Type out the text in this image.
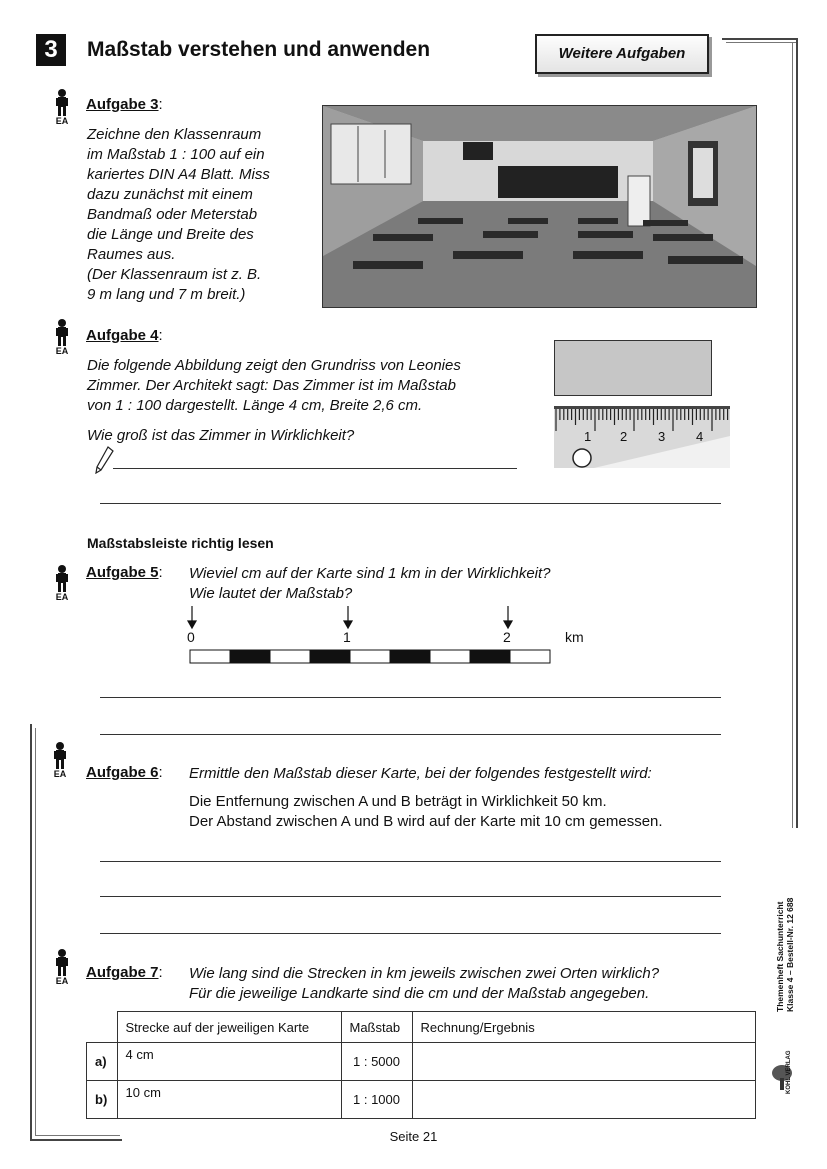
3	Maßstab verstehen und anwenden	Weitere Aufgaben
Aufgabe 3:
Zeichne den Klassenraum
im Maßstab 1 : 100 auf ein
kariertes DIN A4 Blatt. Miss
dazu zunächst mit einem
Bandmaß oder Meterstab
die Länge und Breite des
Raumes aus.
(Der Klassenraum ist z. B.
9 m lang und 7 m breit.)
Aufgabe 4:
Die folgende Abbildung zeigt den Grundriss von Leonies
Zimmer. Der Architekt sagt: Das Zimmer ist im Maßstab
von 1 : 100 dargestellt. Länge 4 cm, Breite 2,6 cm.
Wie groß ist das Zimmer in Wirklichkeit?	1 2 3 4
Maßstabsleiste richtig lesen
Aufgabe 5: Wieviel cm auf der Karte sind 1 km in der Wirklichkeit?
Wie lautet der Maßstab?
0	1	2	km
Aufgabe 6: Ermittle den Maßstab dieser Karte, bei der folgendes festgestellt wird:
Die Entfernung zwischen A und B beträgt in Wirklichkeit 50 km.
Der Abstand zwischen A und B wird auf der Karte mit 10 cm gemessen.
Aufgabe 7: Wie lang sind die Strecken in km jeweils zwischen zwei Orten wirklich?
Für die jeweilige Landkarte sind die cm und der Maßstab angegeben.
	Strecke auf der jeweiligen Karte	Maßstab	Rechnung/Ergebnis
a)	4 cm	1 : 5000	
b)	10 cm	1 : 1000	
Themenheft Sachunterricht Klasse 4 – Bestell-Nr. 12 688
KOHL VERLAG
Seite 21
EA
EA
EA
EA
EA
